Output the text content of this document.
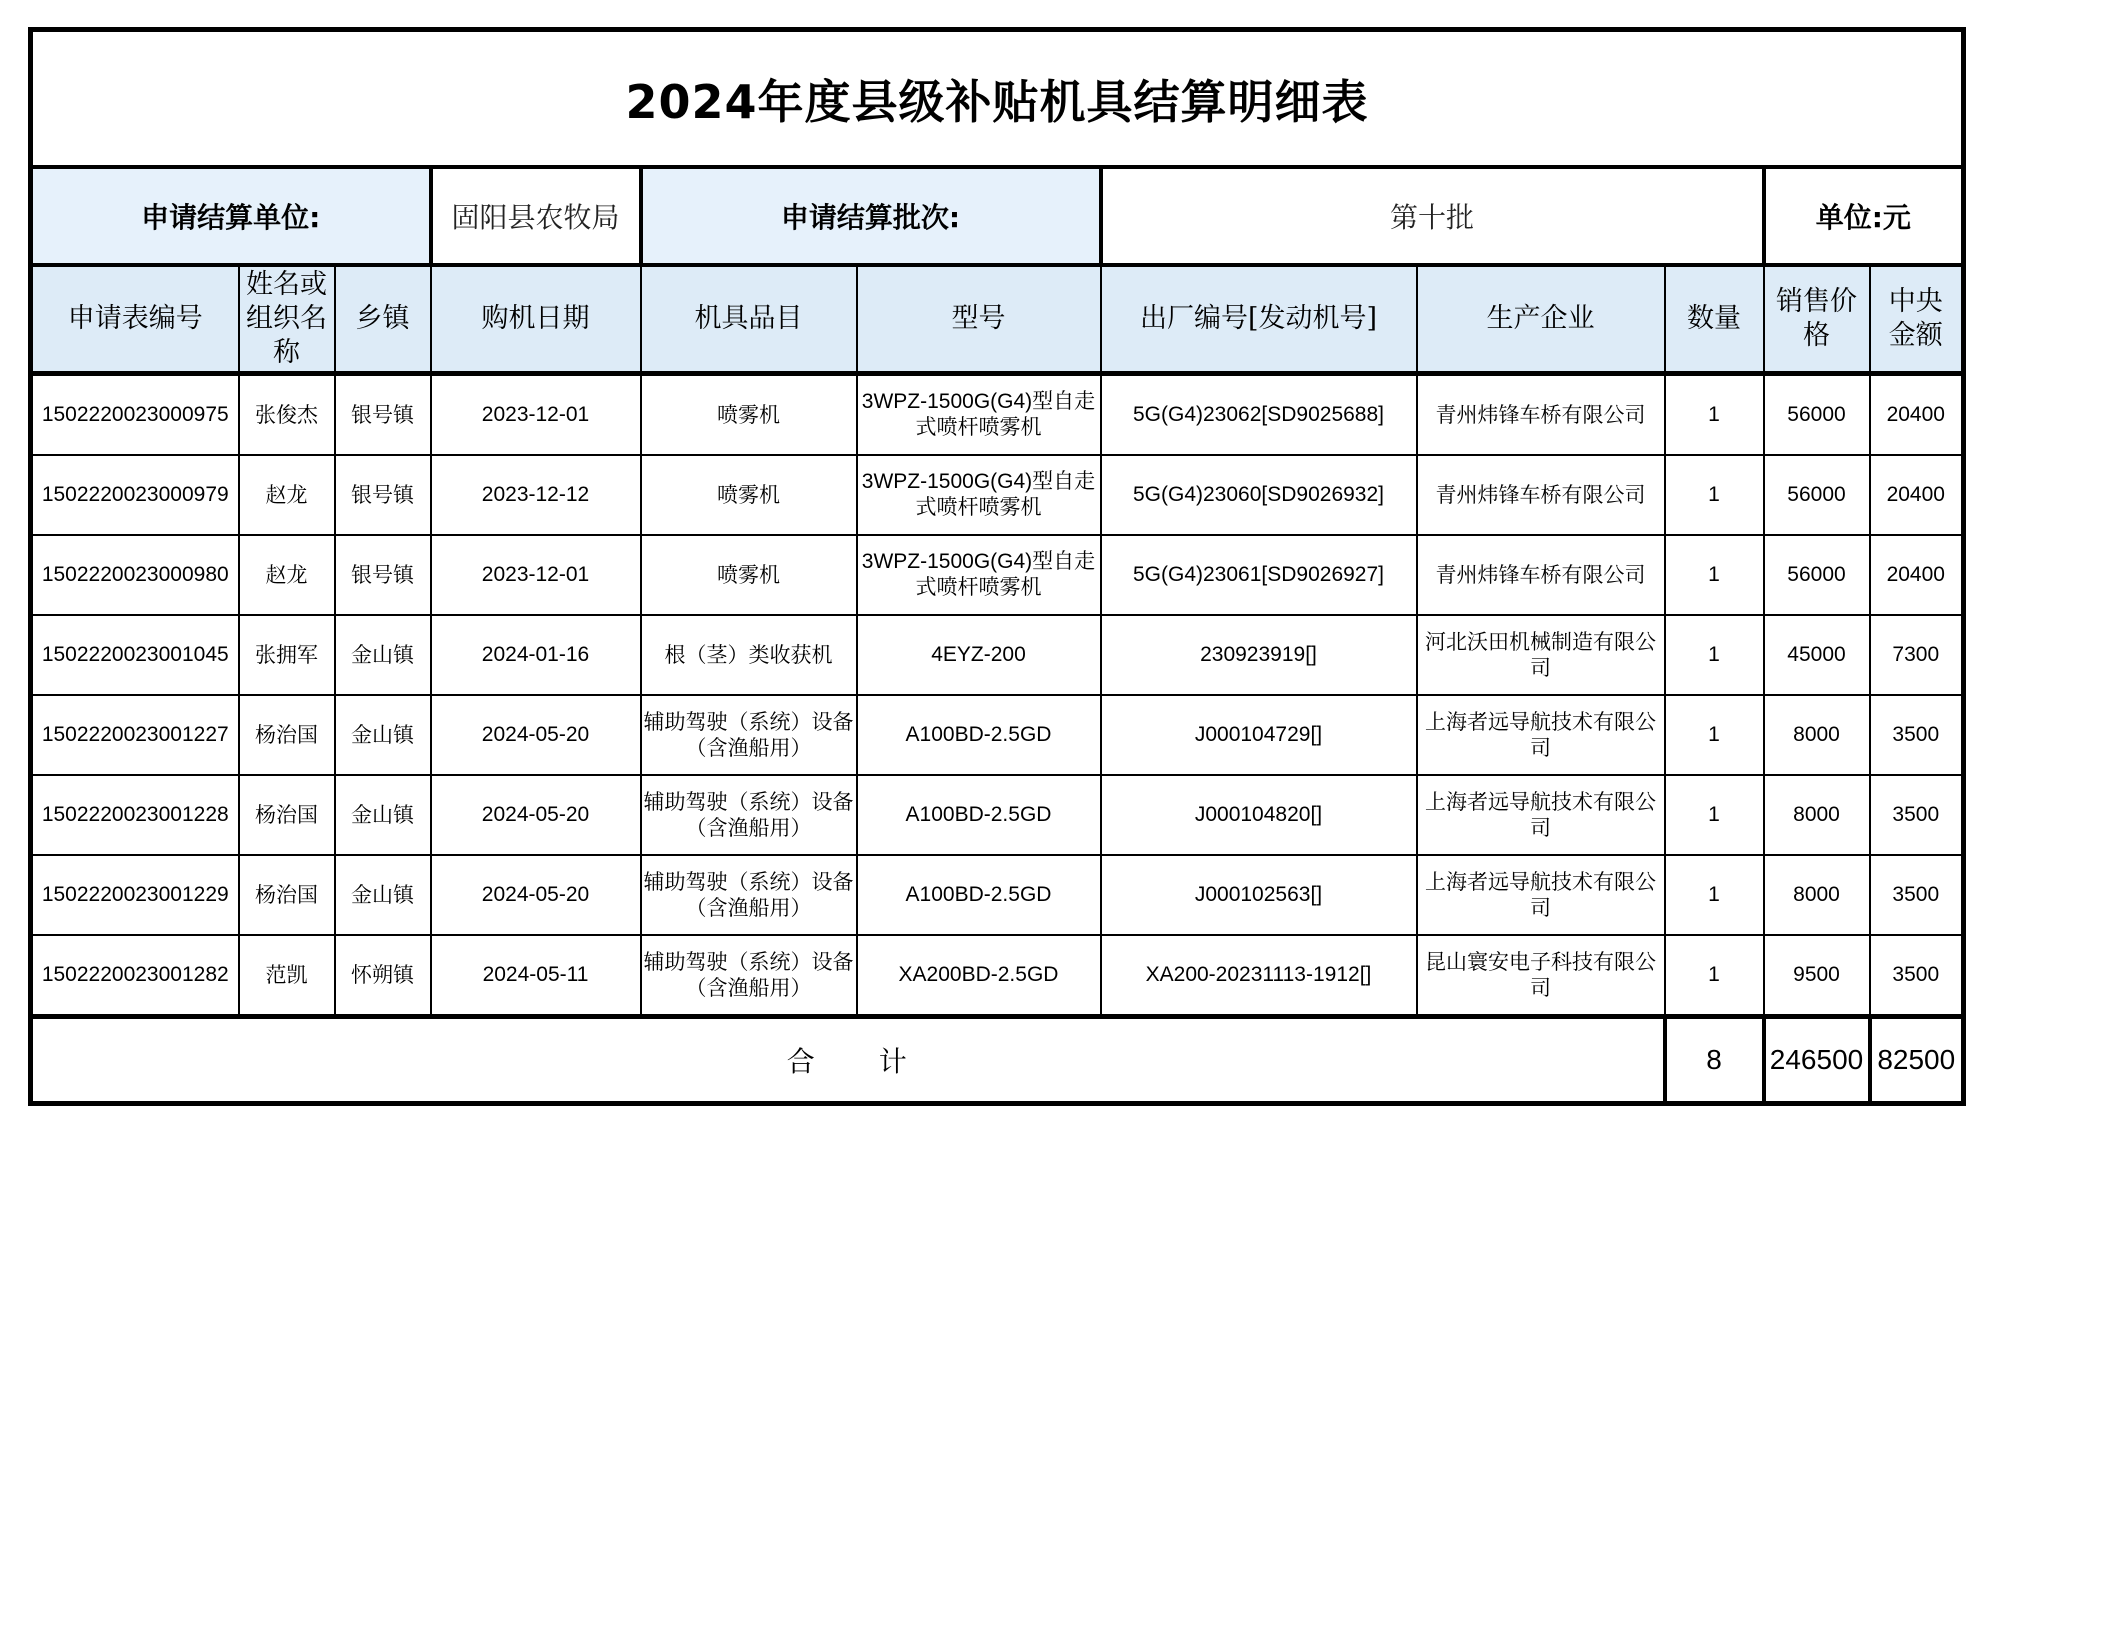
2024年度县级补贴机具结算明细表										
申请结算单位:			固阳县农牧局	申请结算批次:		第十批			单位:元	
申请表编号	姓名或组织名称	乡镇	购机日期	机具品目	型号	出厂编号[发动机号]	生产企业	数量	销售价格	中央金额
1502220023000975	张俊杰	银号镇	2023-12-01	喷雾机	3WPZ-1500G(G4)型自走式喷杆喷雾机	5G(G4)23062[SD9025688]	青州炜锋车桥有限公司	1	56000	20400
1502220023000979	赵龙	银号镇	2023-12-12	喷雾机	3WPZ-1500G(G4)型自走式喷杆喷雾机	5G(G4)23060[SD9026932]	青州炜锋车桥有限公司	1	56000	20400
1502220023000980	赵龙	银号镇	2023-12-01	喷雾机	3WPZ-1500G(G4)型自走式喷杆喷雾机	5G(G4)23061[SD9026927]	青州炜锋车桥有限公司	1	56000	20400
1502220023001045	张拥军	金山镇	2024-01-16	根（茎）类收获机	4EYZ-200	230923919[]	河北沃田机械制造有限公司	1	45000	7300
1502220023001227	杨治国	金山镇	2024-05-20	辅助驾驶（系统）设备（含渔船用）	A100BD-2.5GD	J000104729[]	上海者远导航技术有限公司	1	8000	3500
1502220023001228	杨治国	金山镇	2024-05-20	辅助驾驶（系统）设备（含渔船用）	A100BD-2.5GD	J000104820[]	上海者远导航技术有限公司	1	8000	3500
1502220023001229	杨治国	金山镇	2024-05-20	辅助驾驶（系统）设备（含渔船用）	A100BD-2.5GD	J000102563[]	上海者远导航技术有限公司	1	8000	3500
1502220023001282	范凯	怀朔镇	2024-05-11	辅助驾驶（系统）设备（含渔船用）	XA200BD-2.5GD	XA200-20231113-1912[]	昆山寰安电子科技有限公司	1	9500	3500
合计								8	246500	82500
